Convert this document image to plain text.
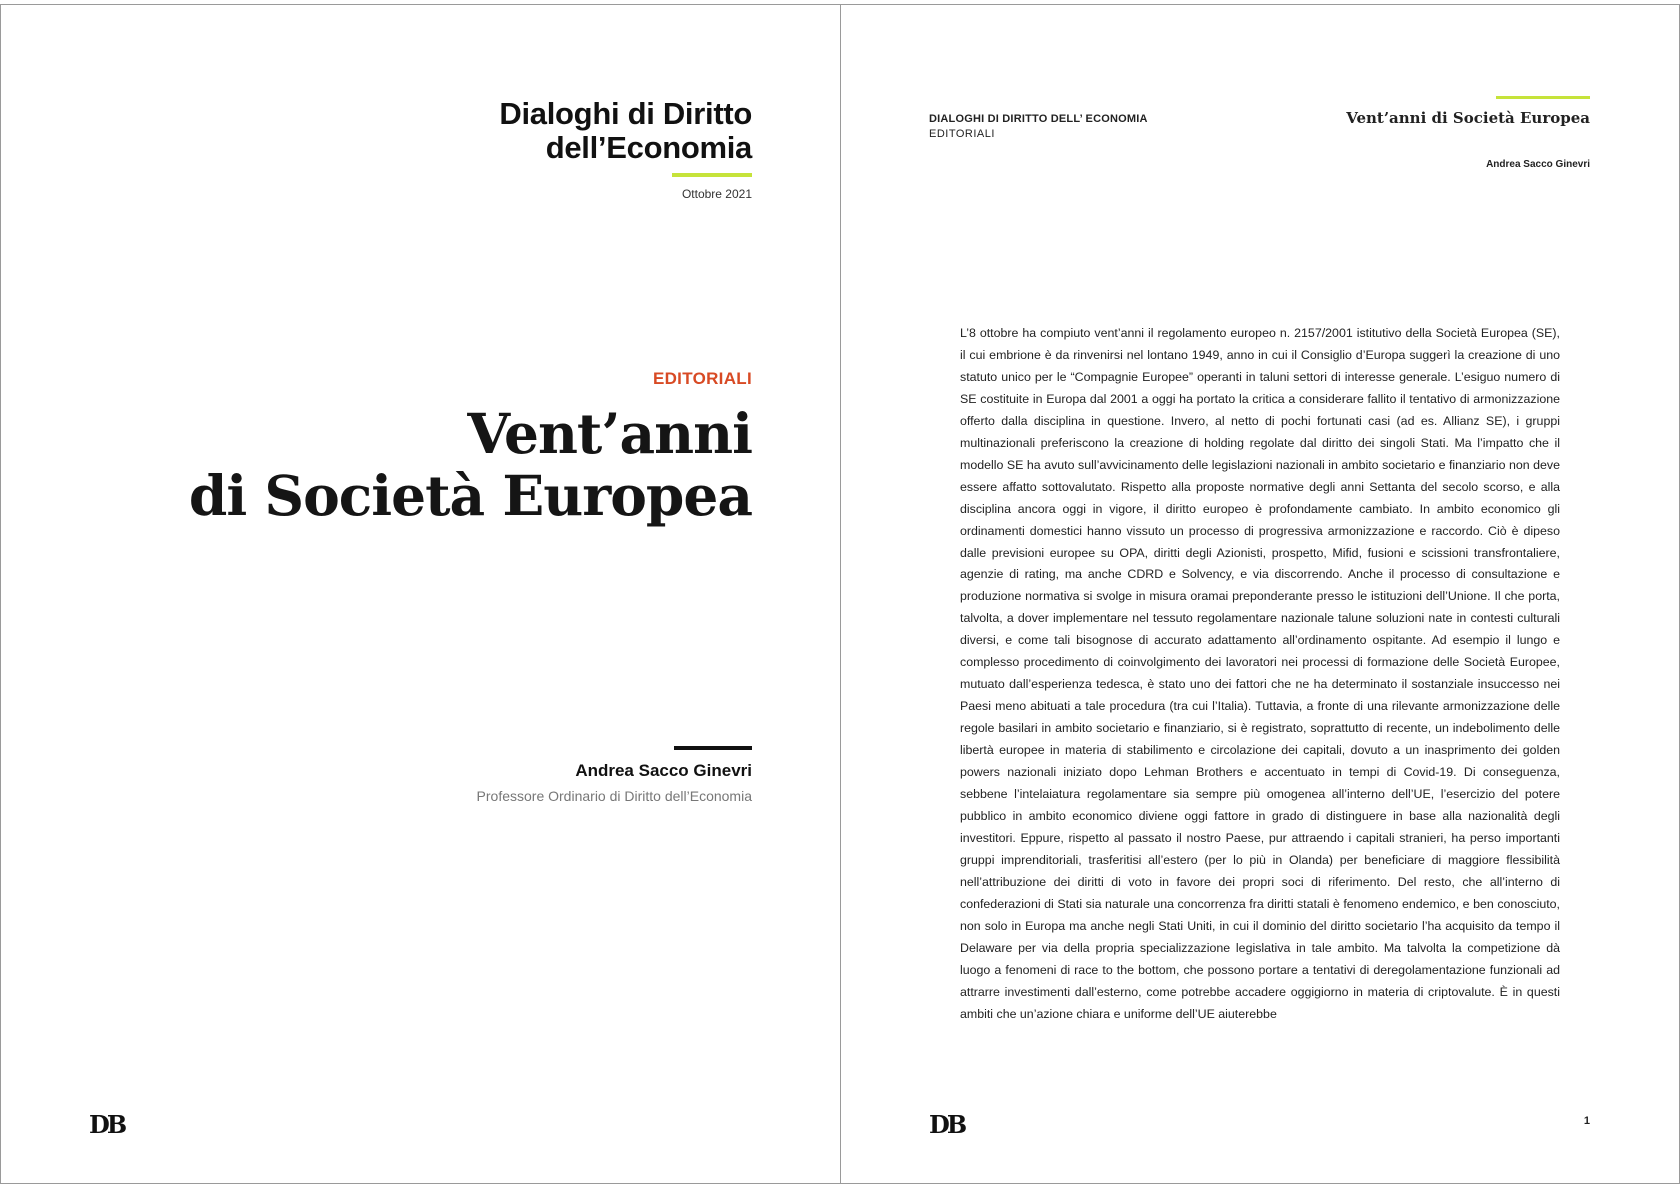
Dialoghi di Diritto
dell’Economia
Ottobre 2021
EDITORIALI
Vent’anni
di Società Europea
Andrea Sacco Ginevri
Professore Ordinario di Diritto dell’Economia
DB
DIALOGHI DI DIRITTO DELL’ ECONOMIA
EDITORIALI
Vent’anni di Società Europea
Andrea Sacco Ginevri

L’8 ottobre ha compiuto vent’anni il regolamento europeo n. 2157/2001 istitutivo della Società Europea (SE), il cui embrione è da rinvenirsi nel lontano 1949, anno in cui il Consiglio d’Europa suggerì la creazione di uno statuto unico per le “Compagnie Europee” operanti in taluni settori di interesse generale. L’esiguo numero di SE costituite in Europa dal 2001 a oggi ha portato la critica a considerare fallito il tentativo di armonizzazione offerto dalla disciplina in questione. Invero, al netto di pochi fortunati casi (ad es. Allianz SE), i gruppi multinazionali preferiscono la creazione di holding regolate dal diritto dei singoli Stati. Ma l’impatto che il modello SE ha avuto sull’avvicinamento delle legislazioni nazionali in ambito societario e finanziario non deve essere affatto sottovalutato. Rispetto alla proposte normative degli anni Settanta del secolo scorso, e alla disciplina ancora oggi in vigore, il diritto europeo è profondamente cambiato. In ambito economico gli ordinamenti domestici hanno vissuto un processo di progressiva armonizzazione e raccordo. Ciò è dipeso dalle previsioni europee su OPA, diritti degli Azionisti, prospetto, Mifid, fusioni e scissioni transfrontaliere, agenzie di rating, ma anche CDRD e Solvency, e via discorrendo. Anche il processo di consultazione e produzione normativa si svolge in misura oramai preponderante presso le istituzioni dell’Unione. Il che porta, talvolta, a dover implementare nel tessuto regolamentare nazionale talune soluzioni nate in contesti culturali diversi, e come tali bisognose di accurato adattamento all’ordinamento ospitante. Ad esempio il lungo e complesso procedimento di coinvolgimento dei lavoratori nei processi di formazione delle Società Europee, mutuato dall’esperienza tedesca, è stato uno dei fattori che ne ha determinato il sostanziale insuccesso nei Paesi meno abituati a tale procedura (tra cui l’Italia). Tuttavia, a fronte di una rilevante armonizzazione delle regole basilari in ambito societario e finanziario, si è registrato, soprattutto di recente, un indebolimento delle libertà europee in materia di stabilimento e circolazione dei capitali, dovuto a un inasprimento dei golden powers nazionali iniziato dopo Lehman Brothers e accentuato in tempi di Covid-19. Di conseguenza, sebbene l’intelaiatura regolamentare sia sempre più omogenea all’interno dell’UE, l’esercizio del potere pubblico in ambito economico diviene oggi fattore in grado di distinguere in base alla nazionalità degli investitori. Eppure, rispetto al passato il nostro Paese, pur attraendo i capitali stranieri, ha perso importanti gruppi imprenditoriali, trasferitisi all’estero (per lo più in Olanda) per beneficiare di maggiore flessibilità nell’attribuzione dei diritti di voto in favore dei propri soci di riferimento. Del resto, che all’interno di confederazioni di Stati sia naturale una concorrenza fra diritti statali è fenomeno endemico, e ben conosciuto, non solo in Europa ma anche negli Stati Uniti, in cui il dominio del diritto societario l’ha acquisito da tempo il Delaware per via della propria specializzazione legislativa in tale ambito. Ma talvolta la competizione dà luogo a fenomeni di race to the bottom, che possono portare a tentativi di deregolamentazione funzionali ad attrarre investimenti dall’esterno, come potrebbe accadere oggigiorno in materia di criptovalute. È in questi ambiti che un’azione chiara e uniforme dell’UE aiuterebbe

DB	1
